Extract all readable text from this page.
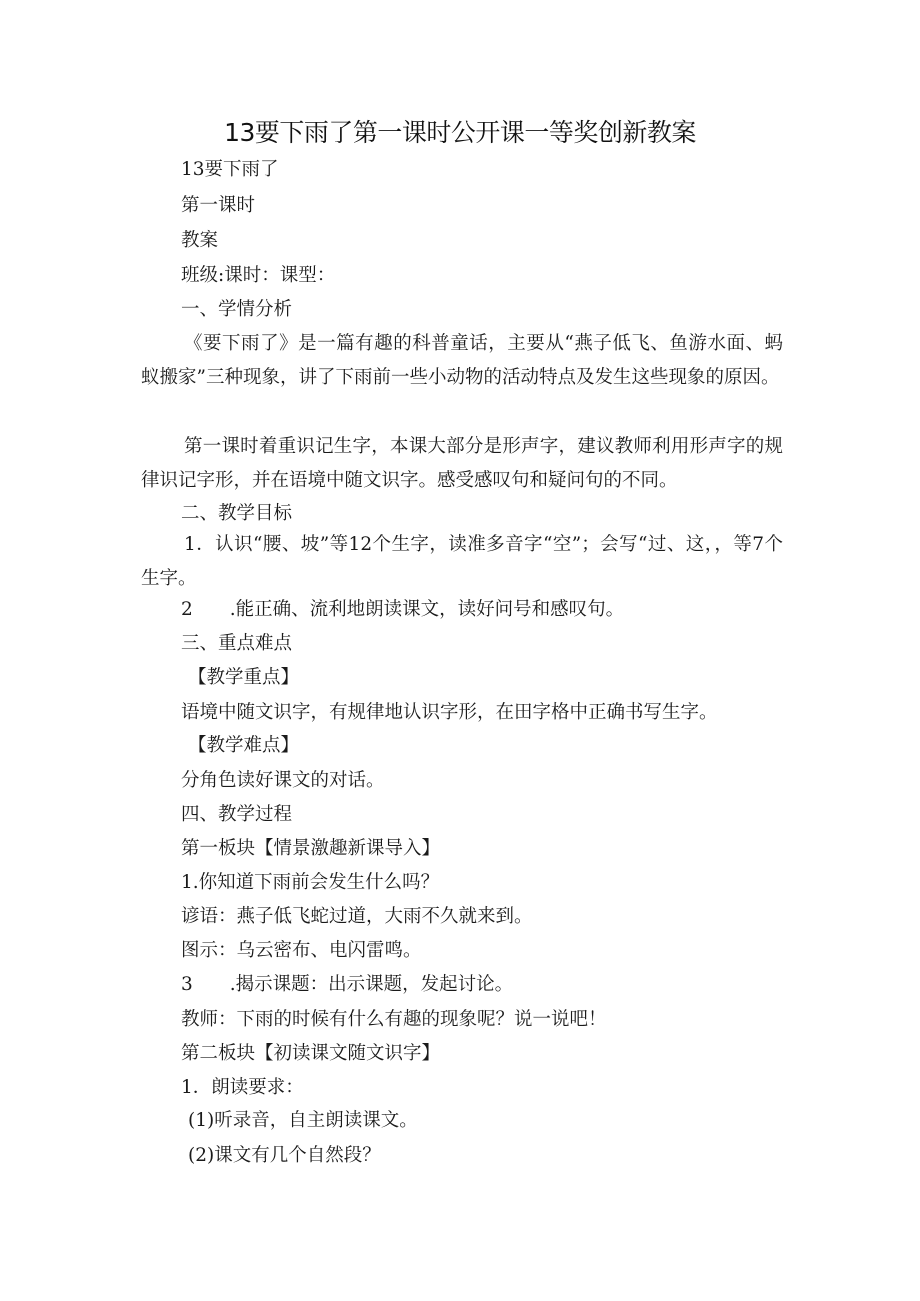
13要下雨了第一课时公开课一等奖创新教案
13要下雨了
第一课时
教案
班级:课时：课型：
一、学情分析
《要下雨了》是一篇有趣的科普童话，主要从“燕子低飞、鱼游水面、蚂蚁搬家”三种现象，讲了下雨前一些小动物的活动特点及发生这些现象的原因。
第一课时着重识记生字，本课大部分是形声字，建议教师利用形声字的规律识记字形，并在语境中随文识字。感受感叹句和疑问句的不同。
二、教学目标
1．认识“腰、坡”等12个生字，读准多音字“空”；会写“过、这，，等7个生字。
2　　.能正确、流利地朗读课文，读好问号和感叹句。
三、重点难点
【教学重点】
语境中随文识字，有规律地认识字形，在田字格中正确书写生字。
【教学难点】
分角色读好课文的对话。
四、教学过程
第一板块【情景激趣新课导入】
1.你知道下雨前会发生什么吗？
谚语：燕子低飞蛇过道，大雨不久就来到。
图示：乌云密布、电闪雷鸣。
3　　.揭示课题：出示课题，发起讨论。
教师：下雨的时候有什么有趣的现象呢？说一说吧！
第二板块【初读课文随文识字】
1．朗读要求：
(1)听录音，自主朗读课文。
(2)课文有几个自然段？
